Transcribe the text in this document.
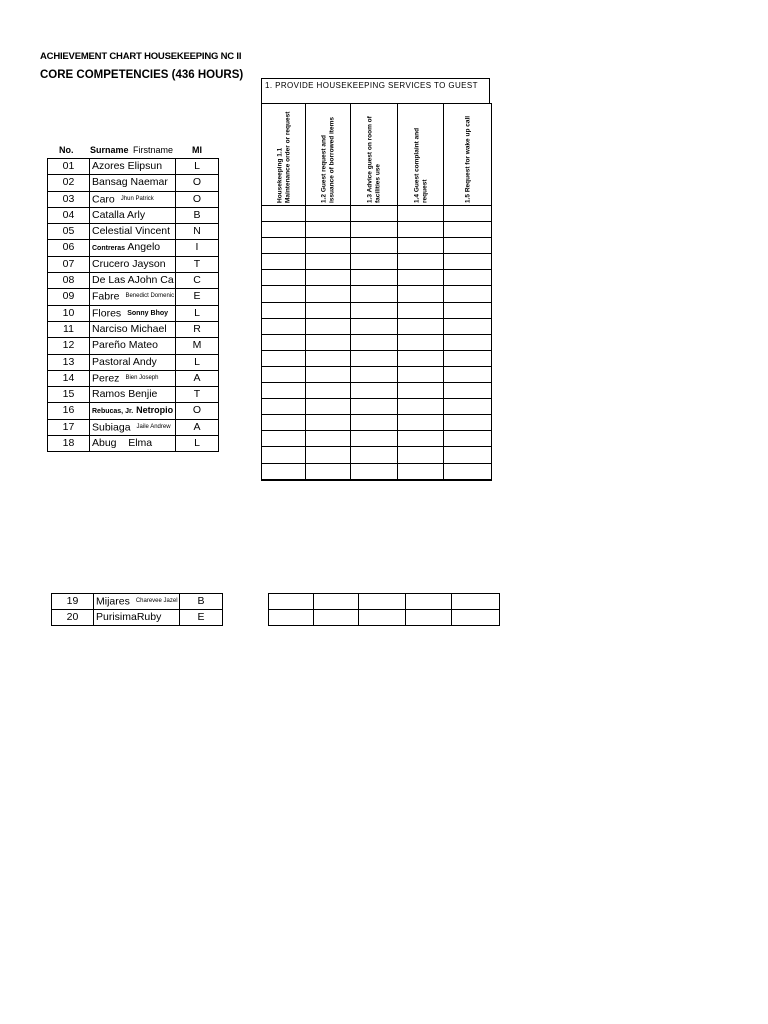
ACHIEVEMENT CHART HOUSEKEEPING NC II
CORE COMPETENCIES (436 HOURS)
No. Surname Firstname MI
01	Azores Elipsun	L
02	Bansag Naemar	O
03	Caro Jhun Patrick	O
04	Catalla Arly	B
05	Celestial Vincent	N
06	Contreras Angelo	I
07	Crucero Jayson	T
08	De Las AJohn Ca	C
09	Fabre Benedict Domenic	E
10	Flores Sonny Bhoy	L
11	Narciso Michael	R
12	Pareño Mateo	M
13	Pastoral Andy	L
14	Perez Bien Joseph	A
15	Ramos Benjie	T
16	Rebucas, Jr. Netropio	O
17	Subiaga Jaile Andrew	A
18	Abug Elma	L
1. PROVIDE HOUSEKEEPING SERVICES TO GUEST
Housekeeping 1.1 Maintenance order or request	1.2 Guest request and issuance of borrowed items	1.3 Advice guest on room of facilities use	1.4 Guest complaint and request	1.5 Request for wake up call
19	Mijares Charevee Jazel	B
20	PurisimaRuby	E
